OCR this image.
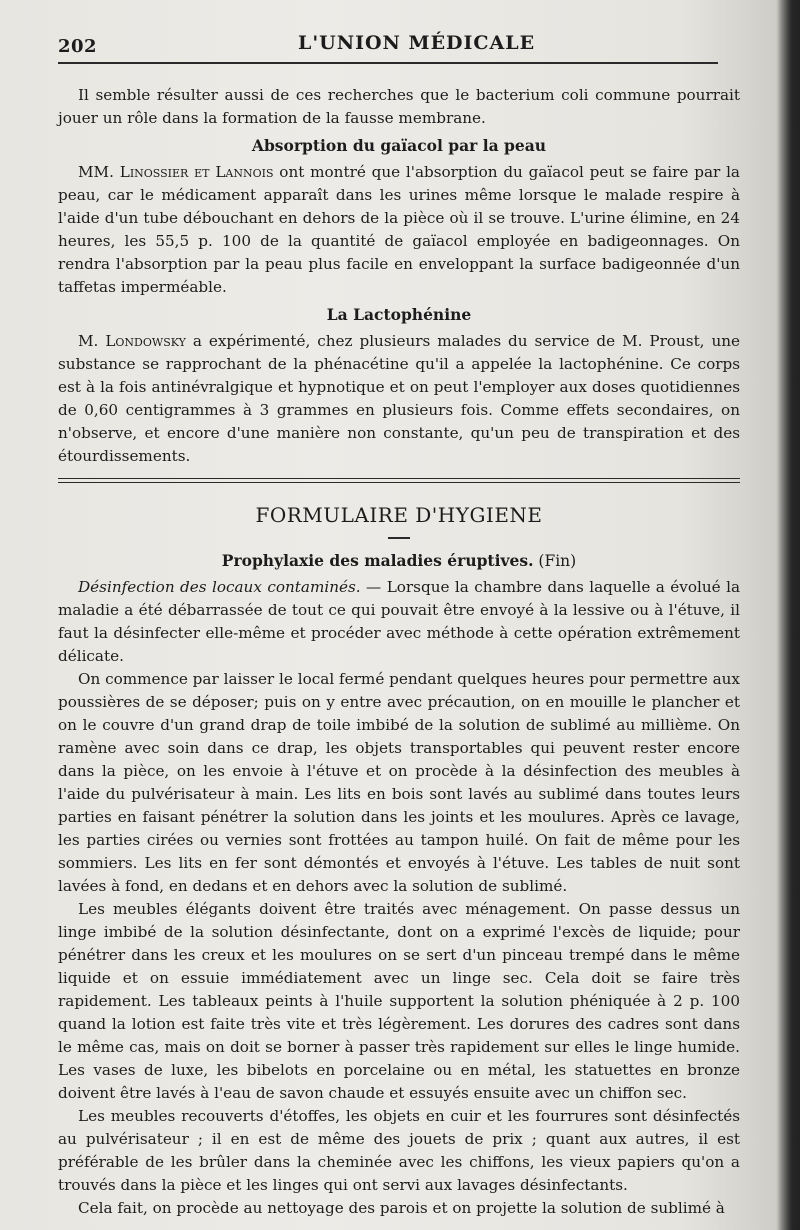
202	L'UNION MÉDICALE

Il semble résulter aussi de ces recherches que le bacterium coli commune pourrait jouer un rôle dans la formation de la fausse membrane.

Absorption du gaïacol par la peau

MM. Linossier et Lannois ont montré que l'absorption du gaïacol peut se faire par la peau, car le médicament apparaît dans les urines même lorsque le malade respire à l'aide d'un tube débouchant en dehors de la pièce où il se trouve. L'urine élimine, en 24 heures, les 55,5 p. 100 de la quantité de gaïacol employée en badigeonnages. On rendra l'absorption par la peau plus facile en enveloppant la surface badigeonnée d'un taffetas imperméable.

La Lactophénine

M. Londowsky a expérimenté, chez plusieurs malades du service de M. Proust, une substance se rapprochant de la phénacétine qu'il a appelée la lactophénine. Ce corps est à la fois antinévralgique et hypnotique et on peut l'employer aux doses quotidiennes de 0,60 centigrammes à 3 grammes en plusieurs fois. Comme effets secondaires, on n'observe, et encore d'une manière non constante, qu'un peu de transpiration et des étourdissements.

FORMULAIRE D'HYGIENE
Prophylaxie des maladies éruptives. (Fin)

Désinfection des locaux contaminés. — Lorsque la chambre dans laquelle a évolué la maladie a été débarrassée de tout ce qui pouvait être envoyé à la lessive ou à l'étuve, il faut la désinfecter elle-même et procéder avec méthode à cette opération extrêmement délicate.

On commence par laisser le local fermé pendant quelques heures pour permettre aux poussières de se déposer; puis on y entre avec précaution, on en mouille le plancher et on le couvre d'un grand drap de toile imbibé de la solution de sublimé au millième. On ramène avec soin dans ce drap, les objets transportables qui peuvent rester encore dans la pièce, on les envoie à l'étuve et on procède à la désinfection des meubles à l'aide du pulvérisateur à main. Les lits en bois sont lavés au sublimé dans toutes leurs parties en faisant pénétrer la solution dans les joints et les moulures. Après ce lavage, les parties cirées ou vernies sont frottées au tampon huilé. On fait de même pour les sommiers. Les lits en fer sont démontés et envoyés à l'étuve. Les tables de nuit sont lavées à fond, en dedans et en dehors avec la solution de sublimé.

Les meubles élégants doivent être traités avec ménagement. On passe dessus un linge imbibé de la solution désinfectante, dont on a exprimé l'excès de liquide; pour pénétrer dans les creux et les moulures on se sert d'un pinceau trempé dans le même liquide et on essuie immédiatement avec un linge sec. Cela doit se faire très rapidement. Les tableaux peints à l'huile supportent la solution phéniquée à 2 p. 100 quand la lotion est faite très vite et très légèrement. Les dorures des cadres sont dans le même cas, mais on doit se borner à passer très rapidement sur elles le linge humide. Les vases de luxe, les bibelots en porcelaine ou en métal, les statuettes en bronze doivent être lavés à l'eau de savon chaude et essuyés ensuite avec un chiffon sec.

Les meubles recouverts d'étoffes, les objets en cuir et les fourrures sont désinfectés au pulvérisateur ; il en est de même des jouets de prix ; quant aux autres, il est préférable de les brûler dans la cheminée avec les chiffons, les vieux papiers qu'on a trouvés dans la pièce et les linges qui ont servi aux lavages désinfectants.

Cela fait, on procède au nettoyage des parois et on projette la solution de sublimé à
